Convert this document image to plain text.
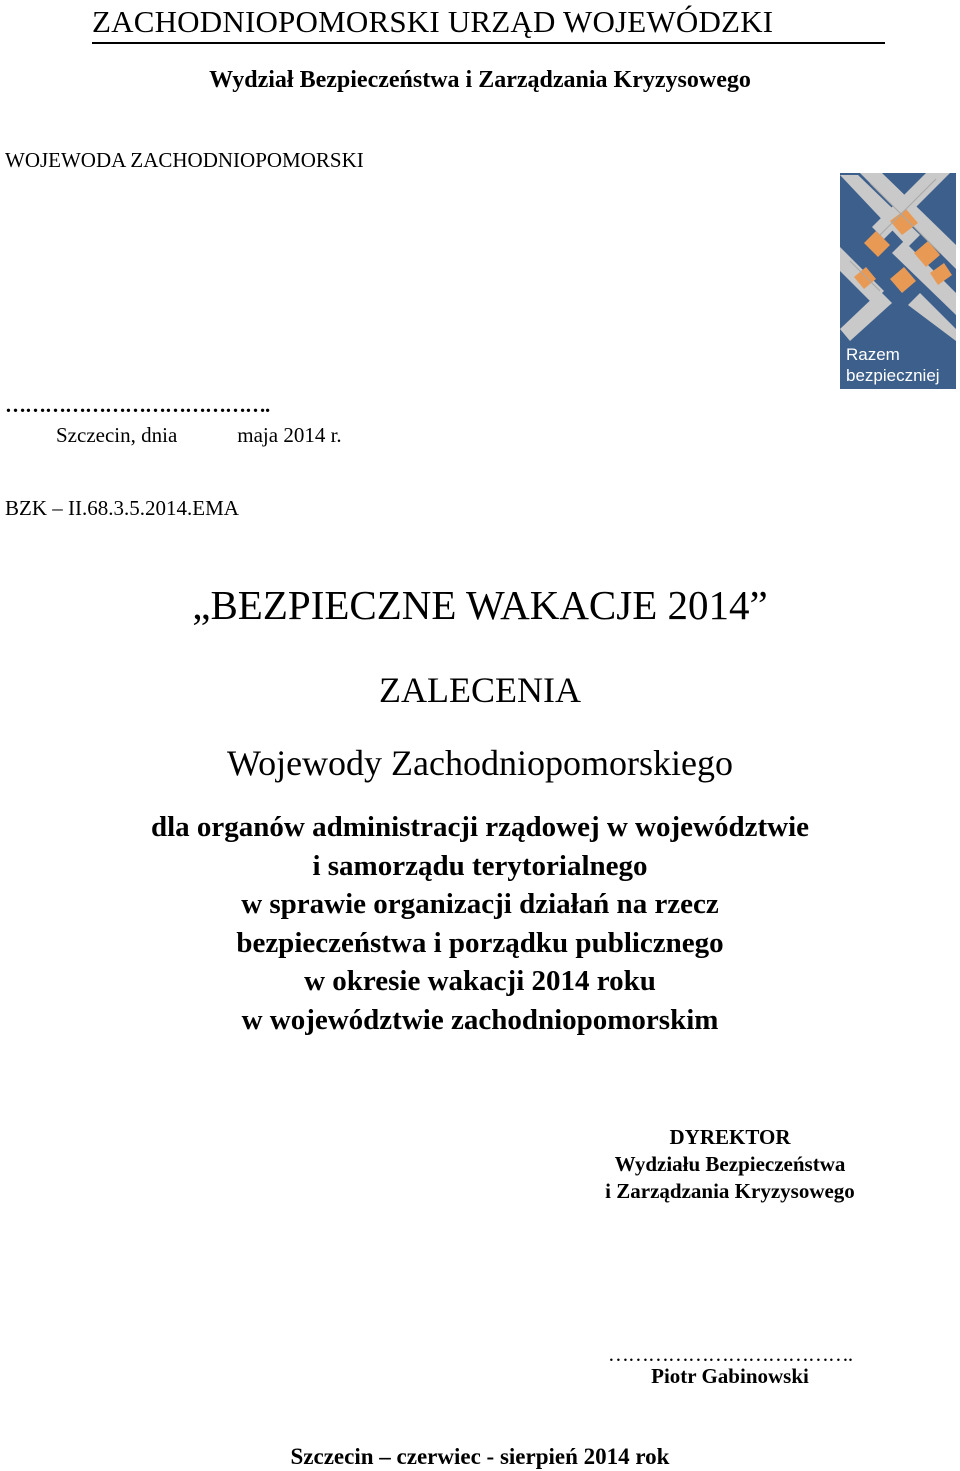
ZACHODNIOPOMORSKI URZĄD WOJEWÓDZKI
Wydział Bezpieczeństwa i Zarządzania Kryzysowego
WOJEWODA ZACHODNIOPOMORSKI
Razem
bezpieczniej
………………………………….
Szczecin, dnia	maja 2014 r.
BZK – II.68.3.5.2014.EMA
„BEZPIECZNE WAKACJE 2014”
ZALECENIA
Wojewody Zachodniopomorskiego
dla organów administracji rządowej w województwie
i samorządu terytorialnego
w sprawie organizacji działań na rzecz
bezpieczeństwa i porządku publicznego
w okresie wakacji 2014 roku
w województwie zachodniopomorskim
DYREKTOR
Wydziału Bezpieczeństwa
i Zarządzania Kryzysowego
……………………………….
Piotr Gabinowski
Szczecin – czerwiec - sierpień 2014 rok
